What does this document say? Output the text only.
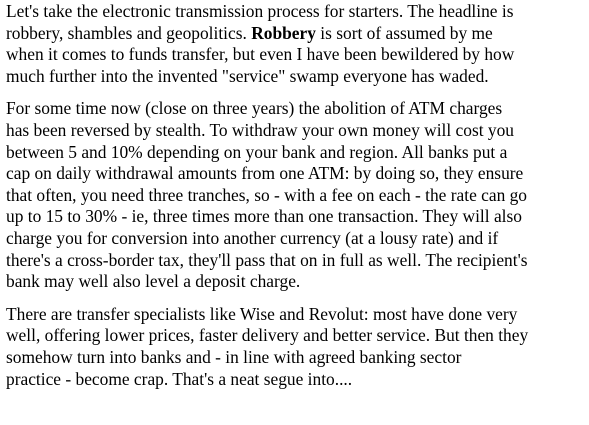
Let's take the electronic transmission process for starters. The headline is
robbery, shambles and geopolitics. Robbery is sort of assumed by me
when it comes to funds transfer, but even I have been bewildered by how
much further into the invented "service" swamp everyone has waded.

For some time now (close on three years) the abolition of ATM charges
has been reversed by stealth. To withdraw your own money will cost you
between 5 and 10% depending on your bank and region. All banks put a
cap on daily withdrawal amounts from one ATM: by doing so, they ensure
that often, you need three tranches, so - with a fee on each - the rate can go
up to 15 to 30% - ie, three times more than one transaction. They will also
charge you for conversion into another currency (at a lousy rate) and if
there's a cross-border tax, they'll pass that on in full as well. The recipient's
bank may well also level a deposit charge.

There are transfer specialists like Wise and Revolut: most have done very
well, offering lower prices, faster delivery and better service. But then they
somehow turn into banks and - in line with agreed banking sector
practice - become crap. That's a neat segue into....
